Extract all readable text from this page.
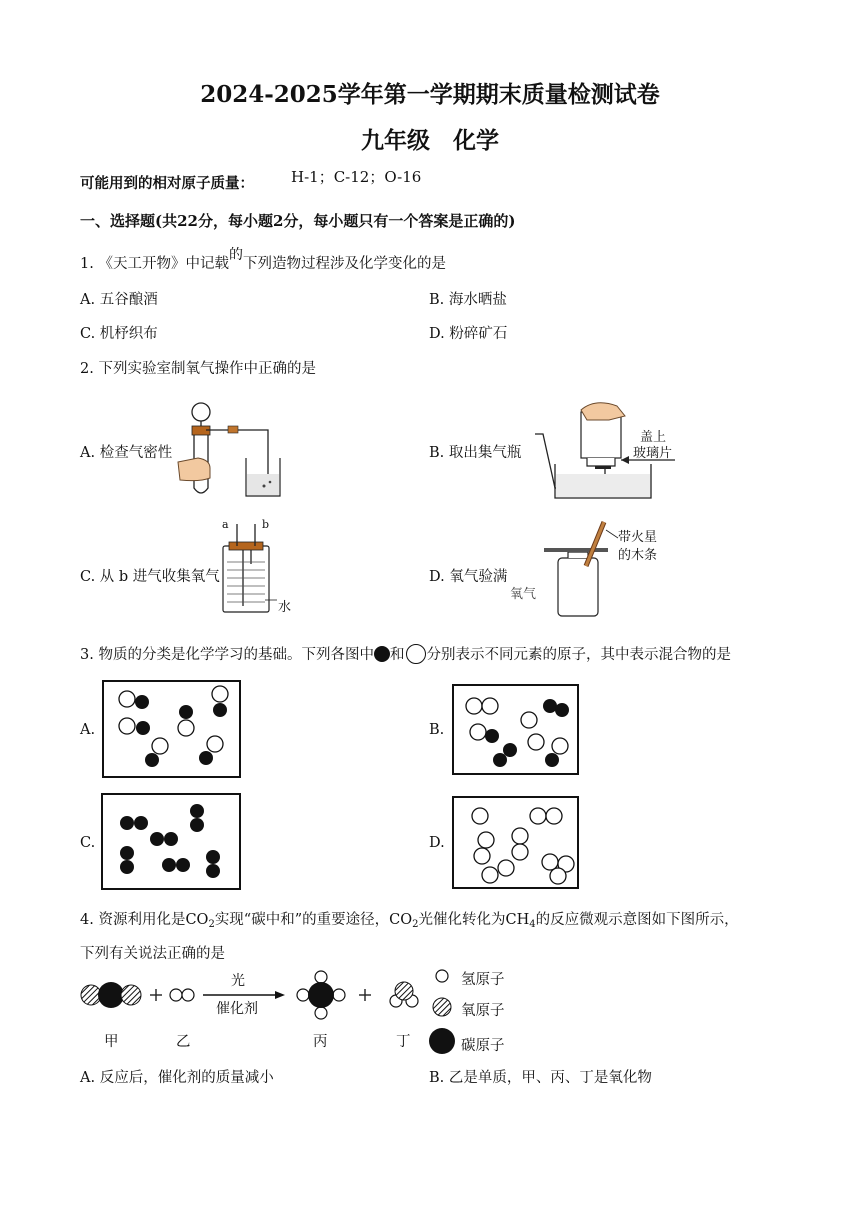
2024-2025学年第一学期期末质量检测试卷
九年级　化学
可能用到的相对原子质量： H-1；C-12；O-16
一、选择题(共22分，每小题2分，每小题只有一个答案是正确的)
1. 《天工开物》中记载的下列造物过程涉及化学变化的是
A. 五谷酿酒	B. 海水晒盐
C. 机杼织布	D. 粉碎矿石
2. 下列实验室制氧气操作中正确的是
A. 检查气密性	B. 取出集气瓶
盖上
玻璃片
C. 从 b 进气收集氧气
a	b
水
D. 氧气验满
带火星
的木条
氧气
3. 物质的分类是化学学习的基础。下列各图中 和 分别表示不同元素的原子，其中表示混合物的是
A.	B.
C.	D.
4. 资源利用化是$CO_2$实现“碳中和”的重要途径，$CO_2$光催化转化为$CH_4$的反应微观示意图如下图所示，
下列有关说法正确的是
光
催化剂
甲	乙	丙	丁
氢原子
氧原子
碳原子
A. 反应后，催化剂的质量减小	B. 乙是单质，甲、丙、丁是氧化物
